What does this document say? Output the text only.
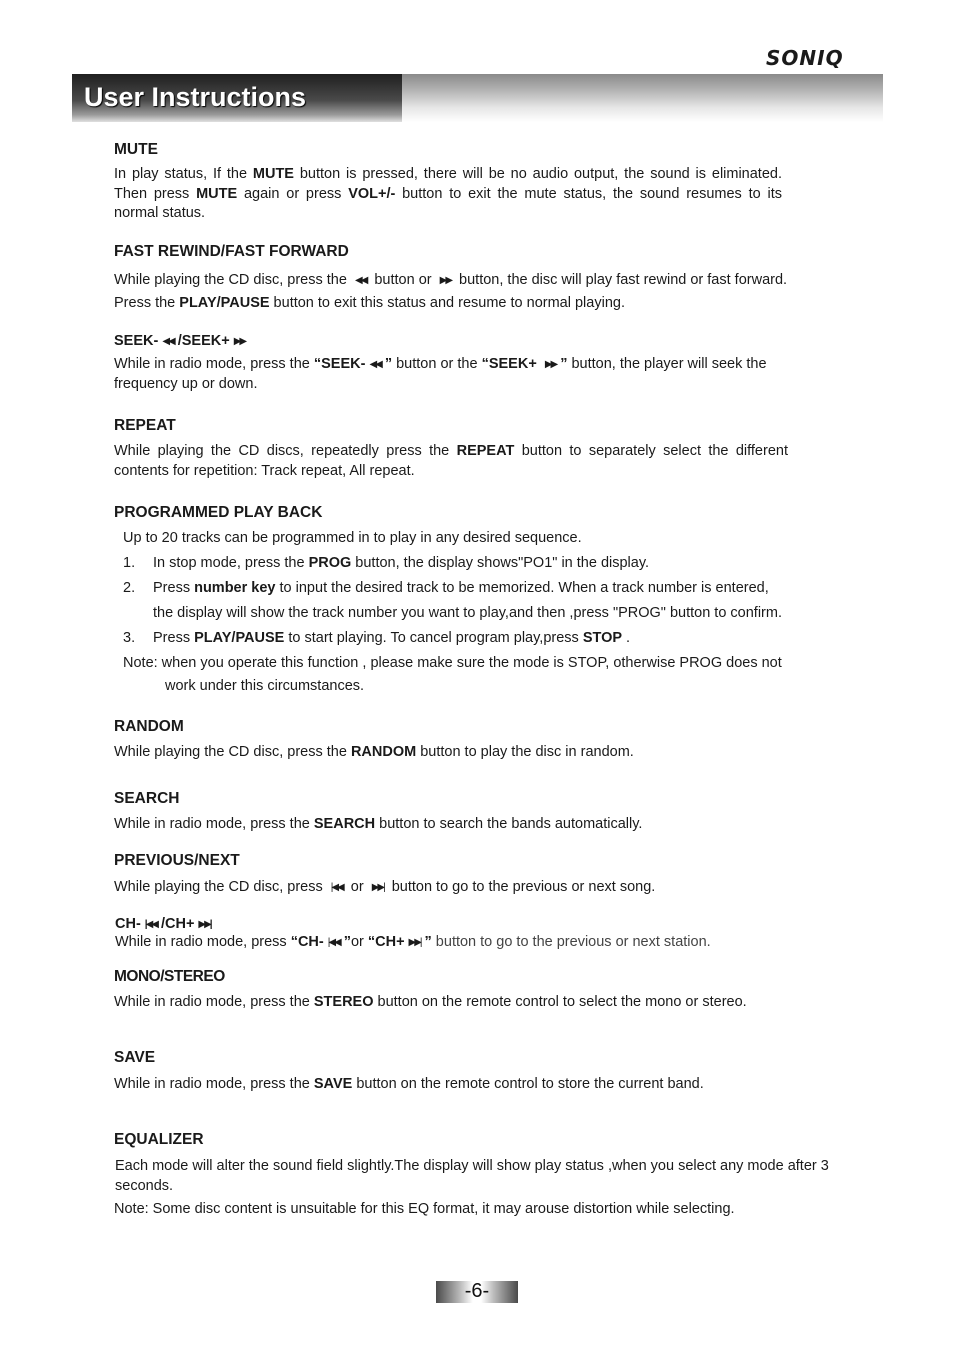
SONIQ
User Instructions
MUTE

In play status, If the MUTE button is pressed, there will be no audio output, the sound is eliminated. Then press MUTE again or press VOL+/- button to exit the mute status, the sound resumes to its normal status.

FAST REWIND/FAST FORWARD

While playing the CD disc, press the ◀◀ button or ▶▶ button, the disc will play fast rewind or fast forward. Press the PLAY/PAUSE button to exit this status and resume to normal playing.

SEEK- ◀◀ /SEEK+ ▶▶

While in radio mode, press the “SEEK- ◀◀ ” button or the “SEEK+ ▶▶ ” button, the player will seek the frequency up or down.

REPEAT

While playing the CD discs, repeatedly press the REPEAT button to separately select the different contents for repetition: Track repeat, All repeat.

PROGRAMMED PLAY BACK
Up to 20 tracks can be programmed in to play in any desired sequence.
1. In stop mode, press the PROG button, the display shows"PO1" in the display.
2. Press number key to input the desired track to be memorized. When a track number is entered,
the display will show the track number you want to play,and then ,press "PROG" button to confirm.
3. Press PLAY/PAUSE to start playing. To cancel program play,press STOP .
Note: when you operate this function , please make sure the mode is STOP, otherwise PROG does not
work under this circumstances.
RANDOM

While playing the CD disc, press the RANDOM button to play the disc in random.

SEARCH

While in radio mode, press the SEARCH button to search the bands automatically.

PREVIOUS/NEXT

While playing the CD disc, press |◀◀ or ▶▶| button to go to the previous or next song.

CH- |◀◀ /CH+ ▶▶|

While in radio mode, press “CH- |◀◀ ”or “CH+ ▶▶| ” button to go to the previous or next station.

MONO/STEREO

While in radio mode, press the STEREO button on the remote control to select the mono or stereo.

SAVE

While in radio mode, press the SAVE button on the remote control to store the current band.

EQUALIZER

Each mode will alter the sound field slightly.The display will show play status ,when you select any mode after 3 seconds.

Note: Some disc content is unsuitable for this EQ format, it may arouse distortion while selecting.

-6-
